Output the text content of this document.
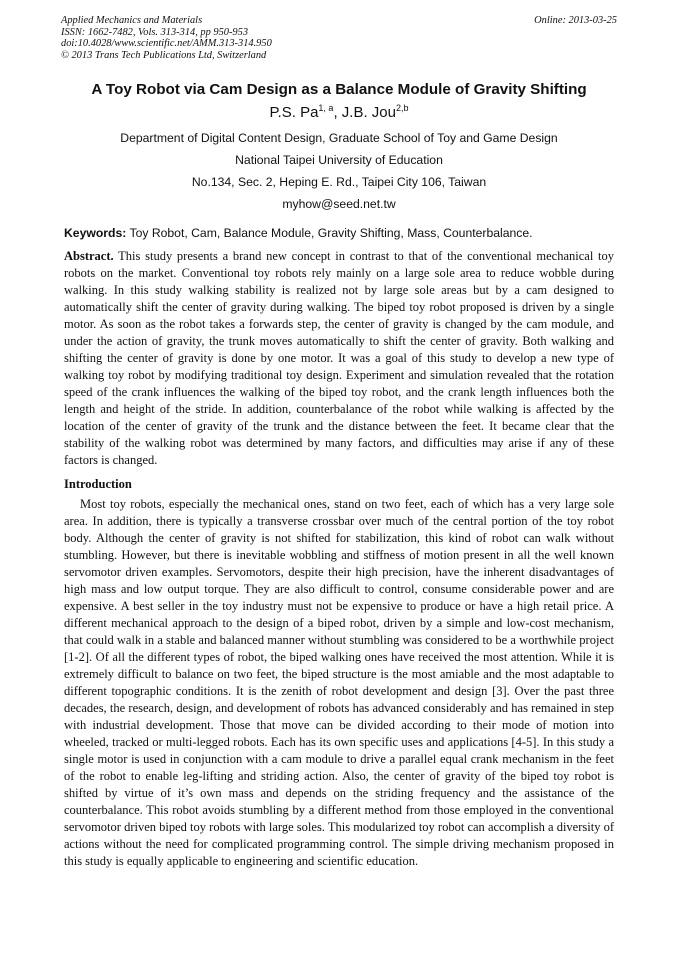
Applied Mechanics and Materials
ISSN: 1662-7482, Vols. 313-314, pp 950-953
doi:10.4028/www.scientific.net/AMM.313-314.950
© 2013 Trans Tech Publications Ltd, Switzerland
Online: 2013-03-25
A Toy Robot via Cam Design as a Balance Module of Gravity Shifting
P.S. Pa$^{1, a}$, J.B. Jou$^{2,b}$
Department of Digital Content Design, Graduate School of Toy and Game Design
National Taipei University of Education
No.134, Sec. 2, Heping E. Rd., Taipei City 106, Taiwan
myhow@seed.net.tw
Keywords: Toy Robot, Cam, Balance Module, Gravity Shifting, Mass, Counterbalance.
Abstract. This study presents a brand new concept in contrast to that of the conventional mechanical toy robots on the market. Conventional toy robots rely mainly on a large sole area to reduce wobble during walking. In this study walking stability is realized not by large sole areas but by a cam designed to automatically shift the center of gravity during walking. The biped toy robot proposed is driven by a single motor. As soon as the robot takes a forwards step, the center of gravity is changed by the cam module, and under the action of gravity, the trunk moves automatically to shift the center of gravity. Both walking and shifting the center of gravity is done by one motor. It was a goal of this study to develop a new type of walking toy robot by modifying traditional toy design. Experiment and simulation revealed that the rotation speed of the crank influences the walking of the biped toy robot, and the crank length influences both the length and height of the stride. In addition, counterbalance of the robot while walking is affected by the location of the center of gravity of the trunk and the distance between the feet. It became clear that the stability of the walking robot was determined by many factors, and difficulties may arise if any of these factors is changed.
Introduction
Most toy robots, especially the mechanical ones, stand on two feet, each of which has a very large sole area. In addition, there is typically a transverse crossbar over much of the central portion of the toy robot body. Although the center of gravity is not shifted for stabilization, this kind of robot can walk without stumbling. However, but there is inevitable wobbling and stiffness of motion present in all the well known servomotor driven examples. Servomotors, despite their high precision, have the inherent disadvantages of high mass and low output torque. They are also difficult to control, consume considerable power and are expensive. A best seller in the toy industry must not be expensive to produce or have a high retail price. A different mechanical approach to the design of a biped robot, driven by a simple and low-cost mechanism, that could walk in a stable and balanced manner without stumbling was considered to be a worthwhile project [1-2]. Of all the different types of robot, the biped walking ones have received the most attention. While it is extremely difficult to balance on two feet, the biped structure is the most amiable and the most adaptable to different topographic conditions. It is the zenith of robot development and design [3]. Over the past three decades, the research, design, and development of robots has advanced considerably and has remained in step with industrial development. Those that move can be divided according to their mode of motion into wheeled, tracked or multi-legged robots. Each has its own specific uses and applications [4-5]. In this study a single motor is used in conjunction with a cam module to drive a parallel equal crank mechanism in the feet of the robot to enable leg-lifting and striding action. Also, the center of gravity of the biped toy robot is shifted by virtue of it’s own mass and depends on the striding frequency and the assistance of the counterbalance. This robot avoids stumbling by a different method from those employed in the conventional servomotor driven biped toy robots with large soles. This modularized toy robot can accomplish a diversity of actions without the need for complicated programming control. The simple driving mechanism proposed in this study is equally applicable to engineering and scientific education.
